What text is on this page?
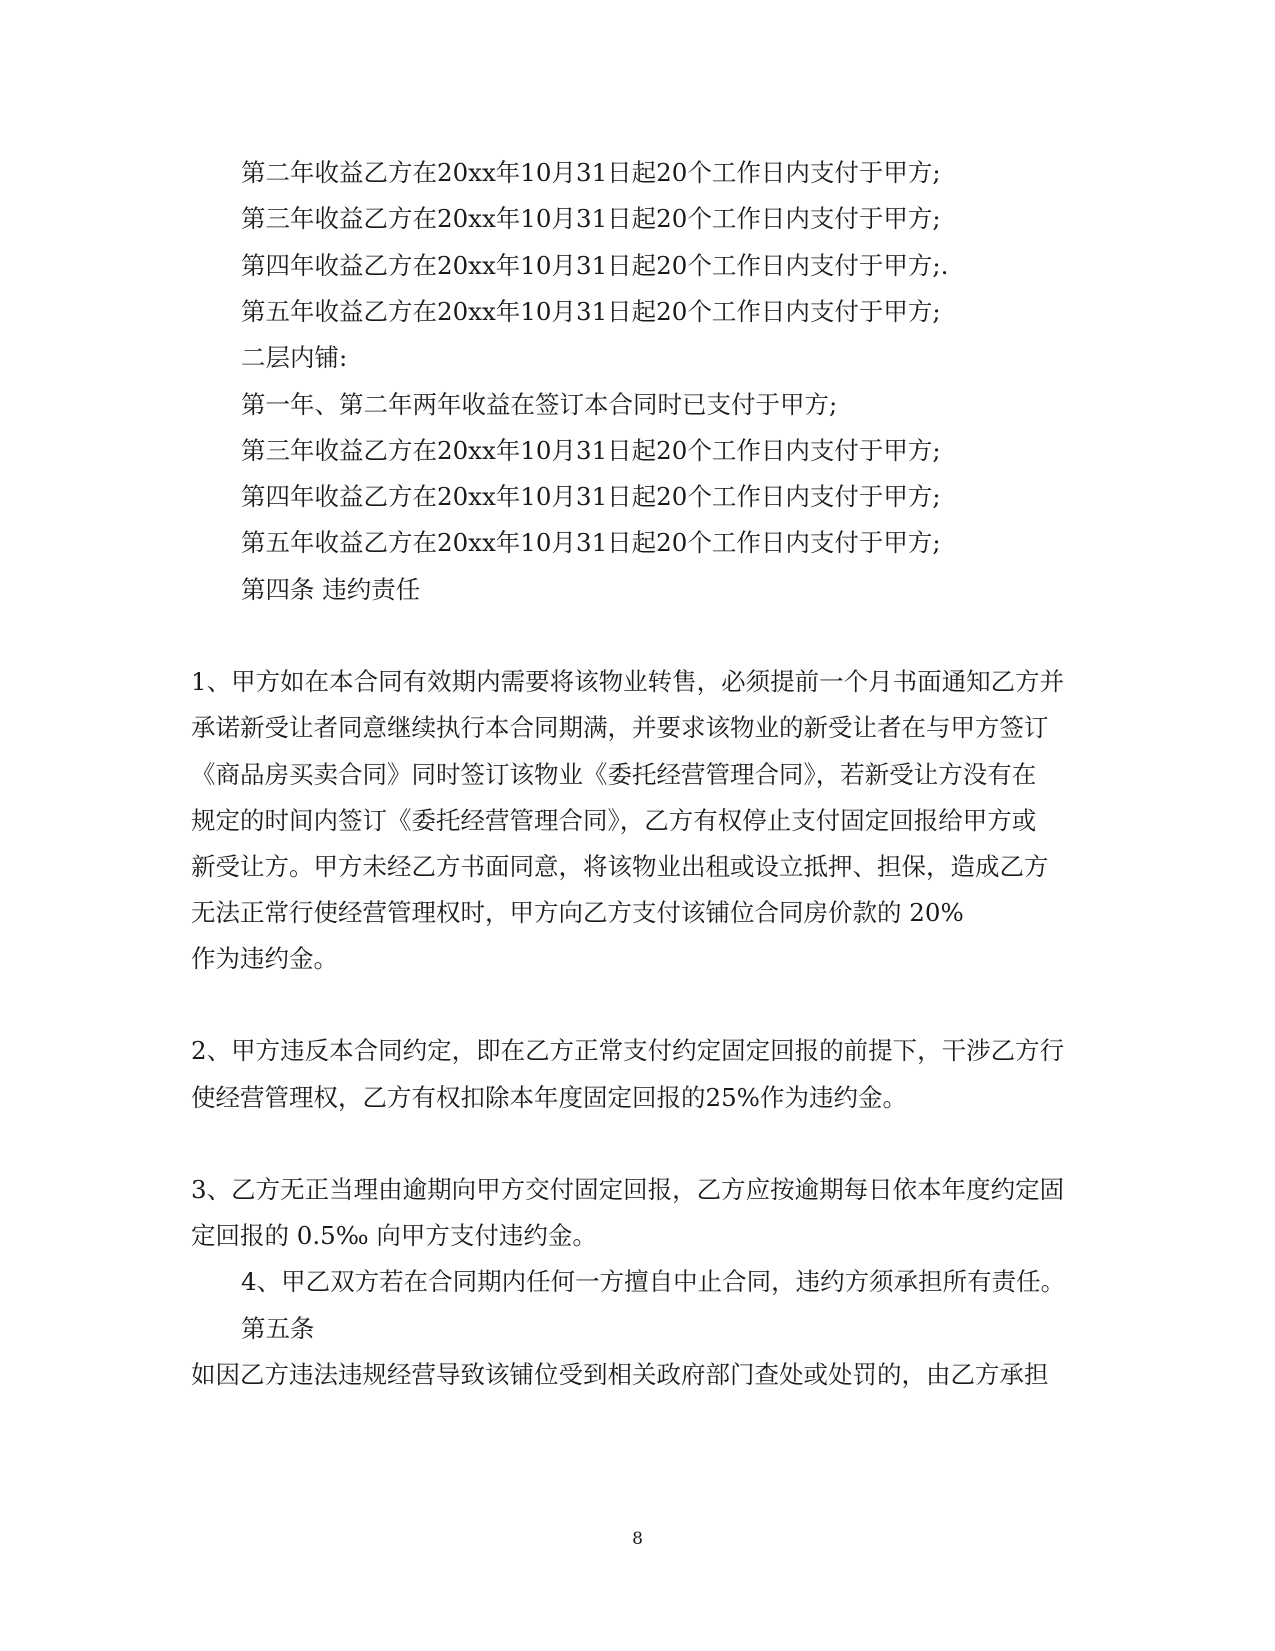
第二年收益乙方在20xx年10月31日起20个工作日内支付于甲方;
第三年收益乙方在20xx年10月31日起20个工作日内支付于甲方;
第四年收益乙方在20xx年10月31日起20个工作日内支付于甲方;.
第五年收益乙方在20xx年10月31日起20个工作日内支付于甲方;
二层内铺:
第一年、第二年两年收益在签订本合同时已支付于甲方;
第三年收益乙方在20xx年10月31日起20个工作日内支付于甲方;
第四年收益乙方在20xx年10月31日起20个工作日内支付于甲方;
第五年收益乙方在20xx年10月31日起20个工作日内支付于甲方;
第四条 违约责任
1、甲方如在本合同有效期内需要将该物业转售，必须提前一个月书面通知乙方并
承诺新受让者同意继续执行本合同期满，并要求该物业的新受让者在与甲方签订
《商品房买卖合同》同时签订该物业《委托经营管理合同》，若新受让方没有在
规定的时间内签订《委托经营管理合同》，乙方有权停止支付固定回报给甲方或
新受让方。甲方未经乙方书面同意，将该物业出租或设立抵押、担保，造成乙方
无法正常行使经营管理权时，甲方向乙方支付该铺位合同房价款的 20%
作为违约金。
2、甲方违反本合同约定，即在乙方正常支付约定固定回报的前提下，干涉乙方行
使经营管理权，乙方有权扣除本年度固定回报的25%作为违约金。
3、乙方无正当理由逾期向甲方交付固定回报，乙方应按逾期每日依本年度约定固
定回报的 0.5‰ 向甲方支付违约金。
4、甲乙双方若在合同期内任何一方擅自中止合同，违约方须承担所有责任。
第五条
如因乙方违法违规经营导致该铺位受到相关政府部门查处或处罚的，由乙方承担
8
